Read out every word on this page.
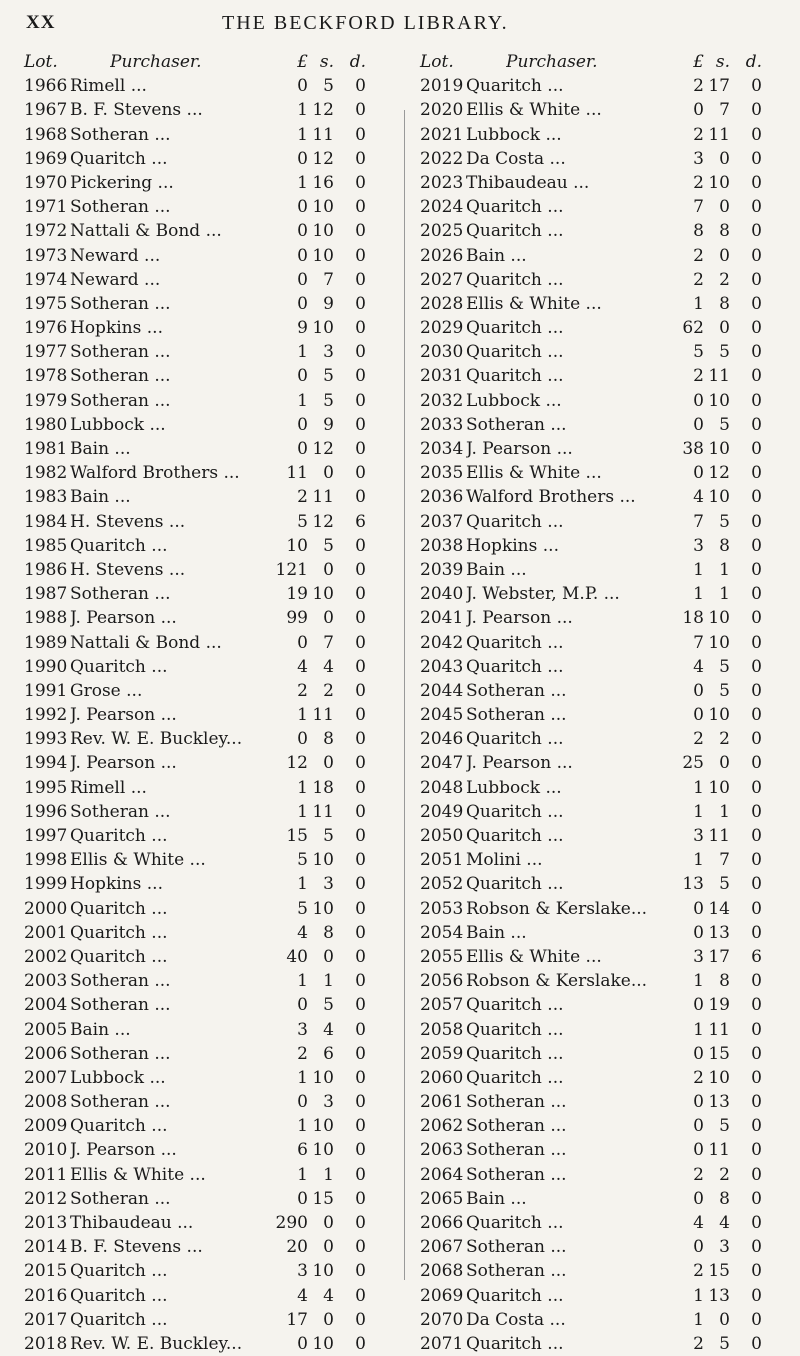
XX	THE BECKFORD LIBRARY.
Lot.	Purchaser.	£ s. d.
1966 Rimell ...	0 5	0
1967 B. F. Stevens ...	1 12	0
1968 Sotheran ...	1 11	0
1969 Quaritch ...	0 12	0
1970 Pickering ...	1 16	0
1971 Sotheran ...	0 10	0
1972 Nattali & Bond ...	0 10	0
1973 Neward ...	0 10	0
1974 Neward ...	0 7	0
1975 Sotheran ...	0 9	0
1976 Hopkins ...	9 10	0
1977 Sotheran ...	1 3	0
1978 Sotheran ...	0 5	0
1979 Sotheran ...	1 5	0
1980 Lubbock ...	0 9	0
1981 Bain ...	0 12	0
1982 Walford Brothers ...	11 0	0
1983 Bain ...	2 11	0
1984 H. Stevens ...	5 12	6
1985 Quaritch ...	10 5	0
1986 H. Stevens ...	121 0	0
1987 Sotheran ...	19 10	0
1988 J. Pearson ...	99 0	0
1989 Nattali & Bond ...	0 7	0
1990 Quaritch ...	4 4	0
1991 Grose ...	2 2	0
1992 J. Pearson ...	1 11	0
1993 Rev. W. E. Buckley...	0 8	0
1994 J. Pearson ...	12 0	0
1995 Rimell ...	1 18	0
1996 Sotheran ...	1 11	0
1997 Quaritch ...	15 5	0
1998 Ellis & White ...	5 10	0
1999 Hopkins ...	1 3	0
2000 Quaritch ...	5 10	0
2001 Quaritch ...	4 8	0
2002 Quaritch ...	40 0	0
2003 Sotheran ...	1 1	0
2004 Sotheran ...	0 5	0
2005 Bain ...	3 4	0
2006 Sotheran ...	2 6	0
2007 Lubbock ...	1 10	0
2008 Sotheran ...	0 3	0
2009 Quaritch ...	1 10	0
2010 J. Pearson ...	6 10	0
2011 Ellis & White ...	1 1	0
2012 Sotheran ...	0 15	0
2013 Thibaudeau ...	290 0	0
2014 B. F. Stevens ...	20 0	0
2015 Quaritch ...	3 10	0
2016 Quaritch ...	4 4	0
2017 Quaritch ...	17 0	0
2018 Rev. W. E. Buckley...	0 10	0
Lot.	Purchaser.	£ s. d.
2019 Quaritch ...	2 17	0
2020 Ellis & White ...	0 7	0
2021 Lubbock ...	2 11	0
2022 Da Costa ...	3 0	0
2023 Thibaudeau ...	2 10	0
2024 Quaritch ...	7 0	0
2025 Quaritch ...	8 8	0
2026 Bain ...	2 0	0
2027 Quaritch ...	2 2	0
2028 Ellis & White ...	1 8	0
2029 Quaritch ...	62 0	0
2030 Quaritch ...	5 5	0
2031 Quaritch ...	2 11	0
2032 Lubbock ...	0 10	0
2033 Sotheran ...	0 5	0
2034 J. Pearson ...	38 10	0
2035 Ellis & White ...	0 12	0
2036 Walford Brothers ...	4 10	0
2037 Quaritch ...	7 5	0
2038 Hopkins ...	3 8	0
2039 Bain ...	1 1	0
2040 J. Webster, M.P. ...	1 1	0
2041 J. Pearson ...	18 10	0
2042 Quaritch ...	7 10	0
2043 Quaritch ...	4 5	0
2044 Sotheran ...	0 5	0
2045 Sotheran ...	0 10	0
2046 Quaritch ...	2 2	0
2047 J. Pearson ...	25 0	0
2048 Lubbock ...	1 10	0
2049 Quaritch ...	1 1	0
2050 Quaritch ...	3 11	0
2051 Molini ...	1 7	0
2052 Quaritch ...	13 5	0
2053 Robson & Kerslake...	0 14	0
2054 Bain ...	0 13	0
2055 Ellis & White ...	3 17	6
2056 Robson & Kerslake...	1 8	0
2057 Quaritch ...	0 19	0
2058 Quaritch ...	1 11	0
2059 Quaritch ...	0 15	0
2060 Quaritch ...	2 10	0
2061 Sotheran ...	0 13	0
2062 Sotheran ...	0 5	0
2063 Sotheran ...	0 11	0
2064 Sotheran ...	2 2	0
2065 Bain ...	0 8	0
2066 Quaritch ...	4 4	0
2067 Sotheran ...	0 3	0
2068 Sotheran ...	2 15	0
2069 Quaritch ...	1 13	0
2070 Da Costa ...	1 0	0
2071 Quaritch ...	2 5	0
